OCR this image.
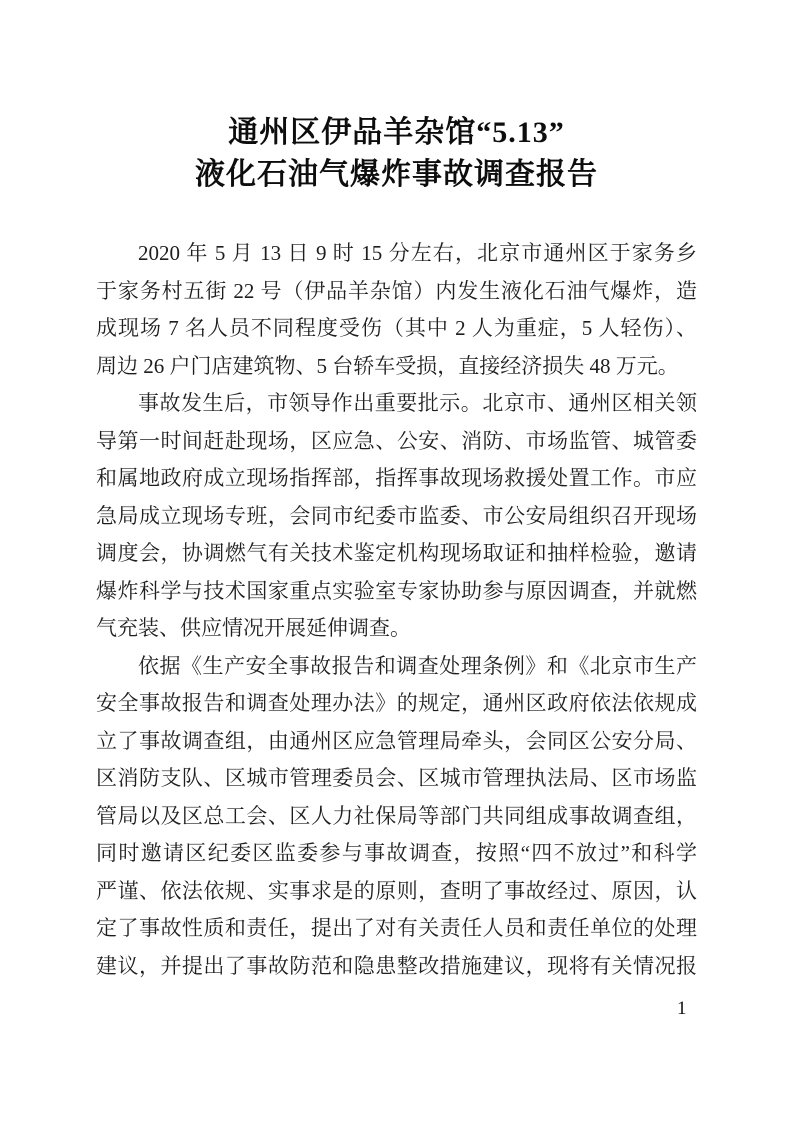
通州区伊品羊杂馆“5.13”
液化石油气爆炸事故调查报告

2020 年 5 月 13 日 9 时 15 分左右，北京市通州区于家务乡
于家务村五街 22 号（伊品羊杂馆）内发生液化石油气爆炸，造
成现场 7 名人员不同程度受伤（其中 2 人为重症，5 人轻伤）、
周边 26 户门店建筑物、5 台轿车受损，直接经济损失 48 万元。

事故发生后，市领导作出重要批示。北京市、通州区相关领
导第一时间赶赴现场，区应急、公安、消防、市场监管、城管委
和属地政府成立现场指挥部，指挥事故现场救援处置工作。市应
急局成立现场专班，会同市纪委市监委、市公安局组织召开现场
调度会，协调燃气有关技术鉴定机构现场取证和抽样检验，邀请
爆炸科学与技术国家重点实验室专家协助参与原因调查，并就燃
气充装、供应情况开展延伸调查。

依据《生产安全事故报告和调查处理条例》和《北京市生产
安全事故报告和调查处理办法》的规定，通州区政府依法依规成
立了事故调查组，由通州区应急管理局牵头，会同区公安分局、
区消防支队、区城市管理委员会、区城市管理执法局、区市场监
管局以及区总工会、区人力社保局等部门共同组成事故调查组，
同时邀请区纪委区监委参与事故调查，按照“四不放过”和科学
严谨、依法依规、实事求是的原则，查明了事故经过、原因，认
定了事故性质和责任，提出了对有关责任人员和责任单位的处理
建议，并提出了事故防范和隐患整改措施建议，现将有关情况报

1
